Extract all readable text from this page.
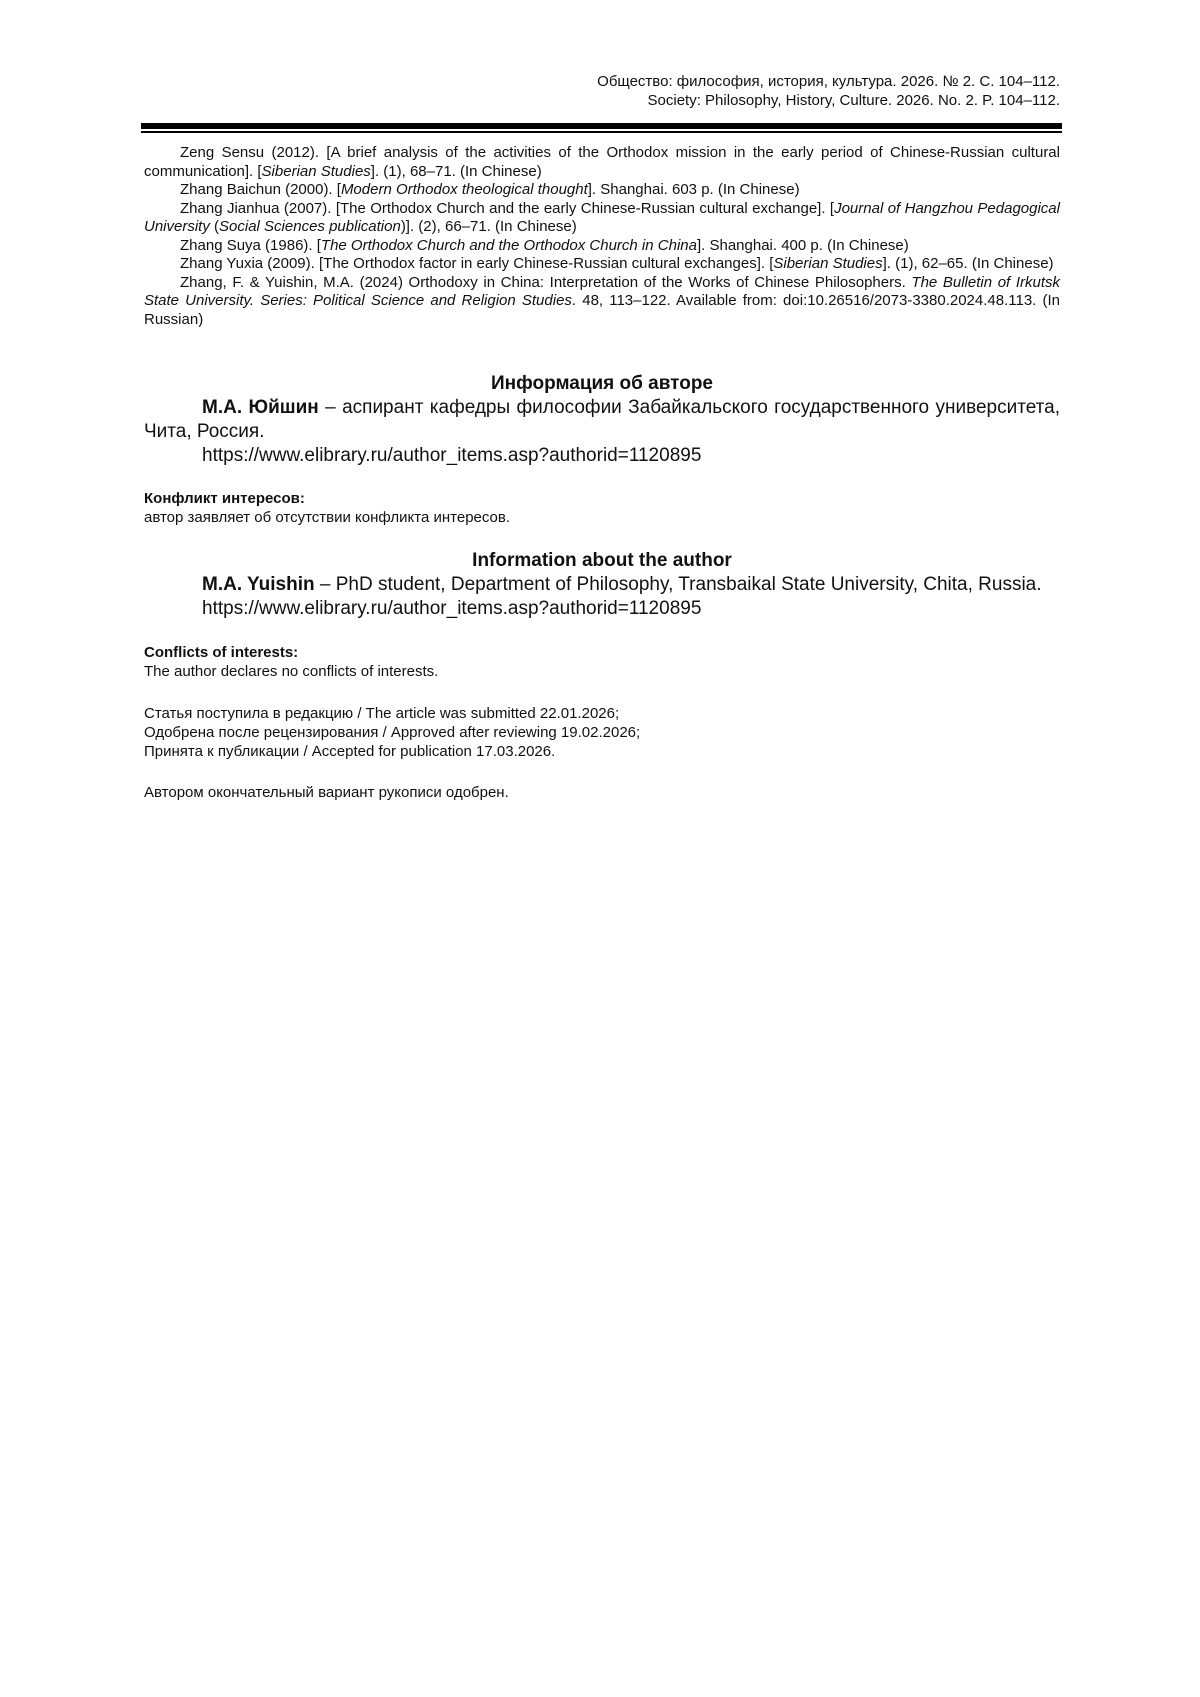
Общество: философия, история, культура. 2026. № 2. С. 104–112.
Society: Philosophy, History, Culture. 2026. No. 2. P. 104–112.

Zeng Sensu (2012). [A brief analysis of the activities of the Orthodox mission in the early period of Chinese-Russian cultural communication]. [Siberian Studies]. (1), 68–71. (In Chinese)

Zhang Baichun (2000). [Modern Orthodox theological thought]. Shanghai. 603 p. (In Chinese)

Zhang Jianhua (2007). [The Orthodox Church and the early Chinese-Russian cultural exchange]. [Journal of Hangzhou Pedagogical University (Social Sciences publication)]. (2), 66–71. (In Chinese)

Zhang Suya (1986). [The Orthodox Church and the Orthodox Church in China]. Shanghai. 400 p. (In Chinese)

Zhang Yuxia (2009). [The Orthodox factor in early Chinese-Russian cultural exchanges]. [Siberian Studies]. (1), 62–65. (In Chinese)

Zhang, F. & Yuishin, M.A. (2024) Orthodoxy in China: Interpretation of the Works of Chinese Philosophers. The Bulletin of Irkutsk State University. Series: Political Science and Religion Studies. 48, 113–122. Available from: doi:10.26516/2073-3380.2024.48.113. (In Russian)

Информация об авторе

М.А. Юйшин – аспирант кафедры философии Забайкальского государственного университета, Чита, Россия.

https://www.elibrary.ru/author_items.asp?authorid=1120895

Конфликт интересов:

автор заявляет об отсутствии конфликта интересов.

Information about the author

M.A. Yuishin – PhD student, Department of Philosophy, Transbaikal State University, Chita, Russia.

https://www.elibrary.ru/author_items.asp?authorid=1120895

Conflicts of interests:

The author declares no conflicts of interests.

Статья поступила в редакцию / The article was submitted 22.01.2026;

Одобрена после рецензирования / Approved after reviewing 19.02.2026;

Принята к публикации / Accepted for publication 17.03.2026.

Автором окончательный вариант рукописи одобрен.
